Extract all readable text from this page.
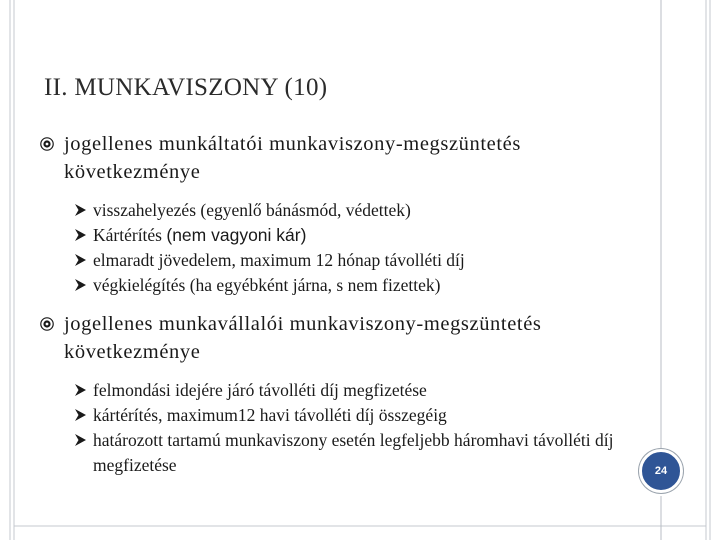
II. MUNKAVISZONY (10)
jogellenes munkáltatói munkaviszony-megszüntetés következménye
visszahelyezés (egyenlő bánásmód, védettek)
Kártérítés (nem vagyoni kár)
elmaradt jövedelem, maximum 12 hónap távolléti díj
végkielégítés (ha egyébként járna, s nem fizettek)
jogellenes munkavállalói munkaviszony-megszüntetés következménye
felmondási idejére járó távolléti díj megfizetése
kártérítés, maximum12 havi távolléti díj összegéig
határozott tartamú munkaviszony esetén legfeljebb háromhavi távolléti díj megfizetése	24
